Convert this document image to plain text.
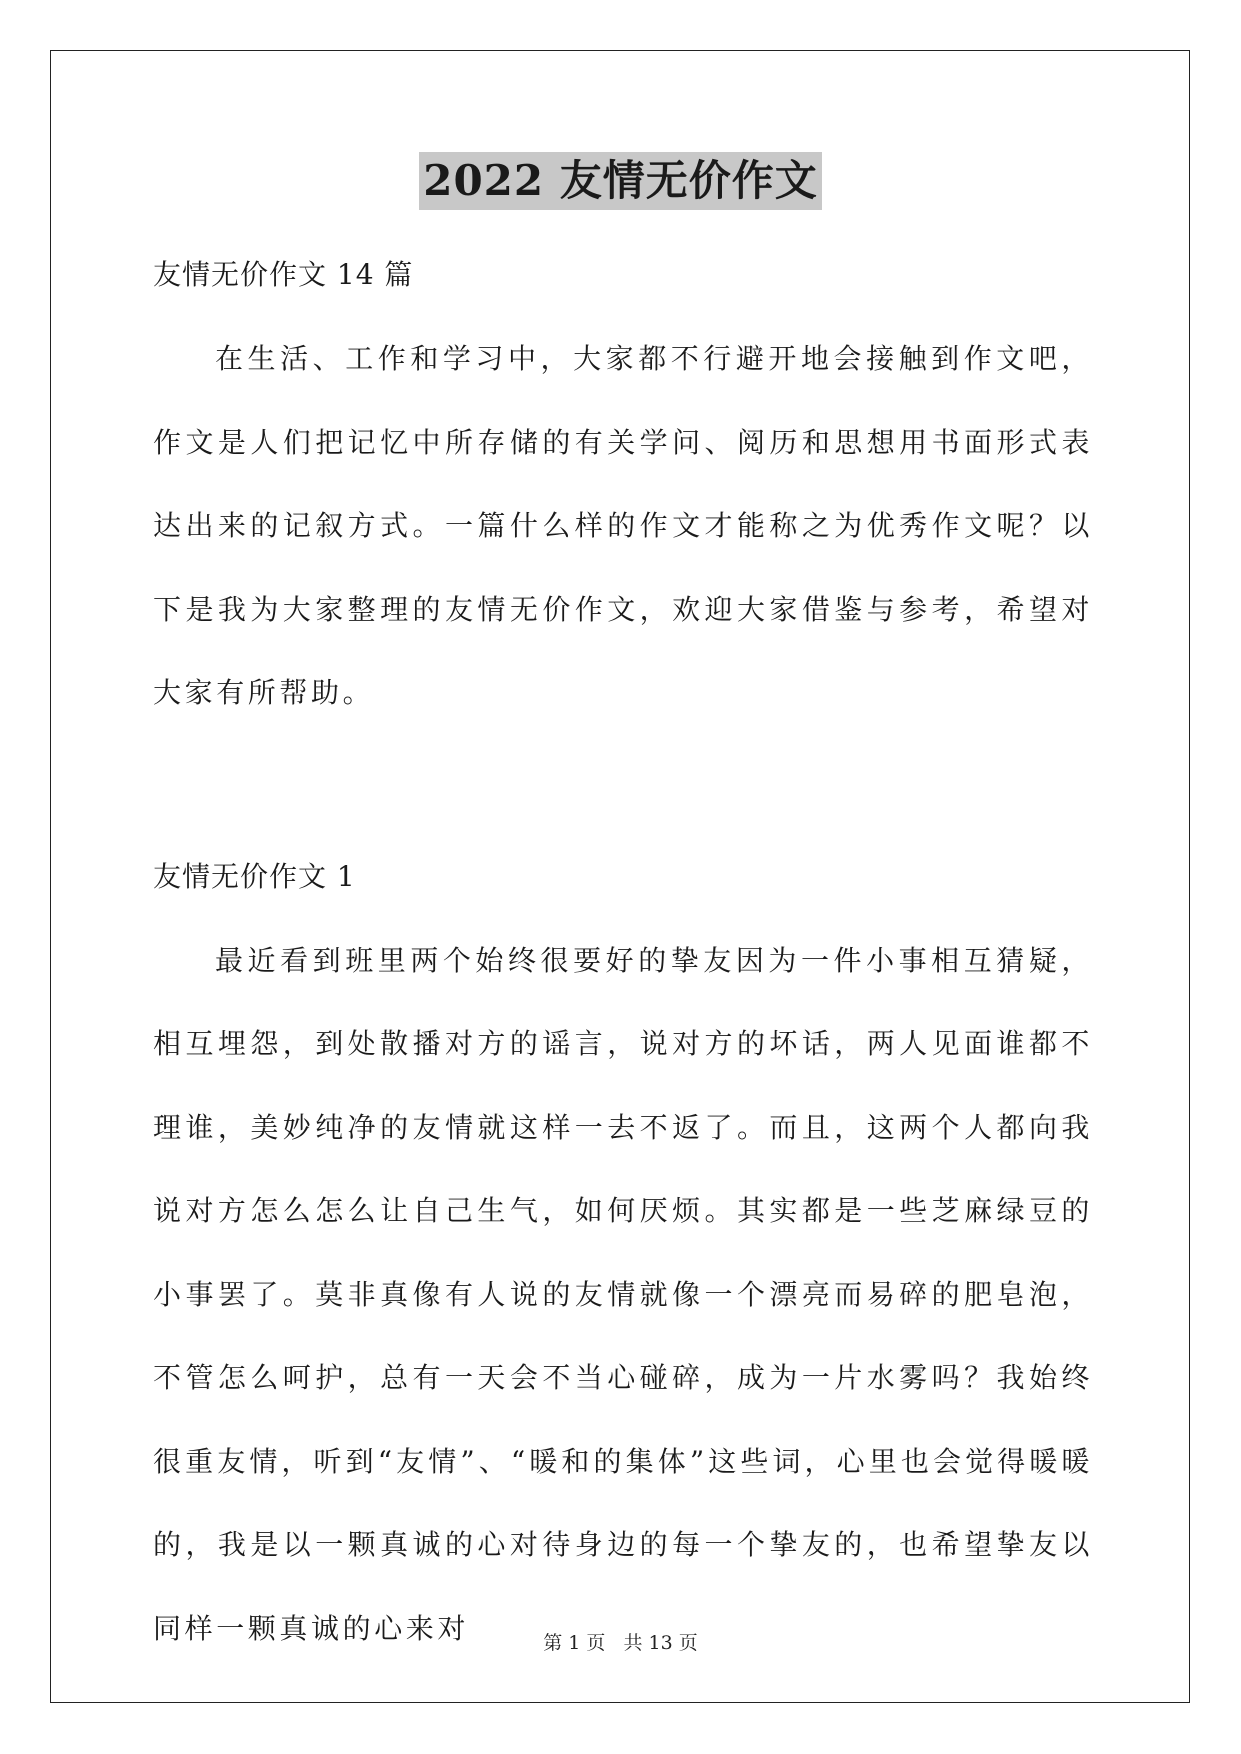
2022 友情无价作文
友情无价作文 14 篇

在生活、工作和学习中，大家都不行避开地会接触到作文吧，作文是人们把记忆中所存储的有关学问、阅历和思想用书面形式表达出来的记叙方式。一篇什么样的作文才能称之为优秀作文呢？以下是我为大家整理的友情无价作文，欢迎大家借鉴与参考，希望对大家有所帮助。

友情无价作文 1

最近看到班里两个始终很要好的挚友因为一件小事相互猜疑，相互埋怨，到处散播对方的谣言，说对方的坏话，两人见面谁都不理谁，美妙纯净的友情就这样一去不返了。而且，这两个人都向我说对方怎么怎么让自己生气，如何厌烦。其实都是一些芝麻绿豆的小事罢了。莫非真像有人说的友情就像一个漂亮而易碎的肥皂泡，不管怎么呵护，总有一天会不当心碰碎，成为一片水雾吗？我始终很重友情，听到“友情”、“暖和的集体”这些词，心里也会觉得暖暖的，我是以一颗真诚的心对待身边的每一个挚友的，也希望挚友以同样一颗真诚的心来对	第 1 页 共 13 页
